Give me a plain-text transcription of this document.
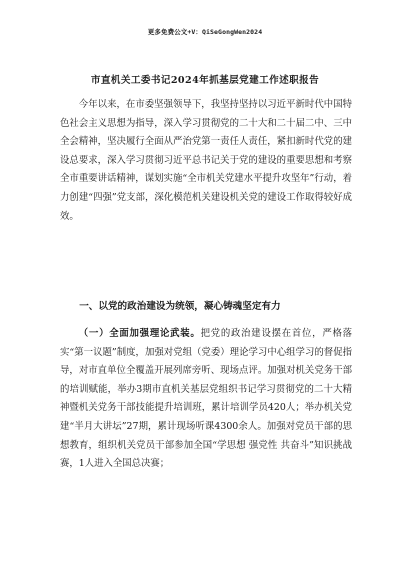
更多免费公文+V：QiSeGongWen2024
市直机关工委书记2024年抓基层党建工作述职报告

今年以来，在市委坚强领导下，我坚持坚持以习近平新时代中国特色社会主义思想为指导，深入学习贯彻党的二十大和二十届二中、三中全会精神，坚决履行全面从严治党第一责任人责任，紧扣新时代党的建设总要求，深入学习贯彻习近平总书记关于党的建设的重要思想和考察全市重要讲话精神，谋划实施“全市机关党建水平提升攻坚年”行动，着力创建“四强”党支部，深化模范机关建设机关党的建设工作取得较好成效。

一、以党的政治建设为统领，凝心铸魂坚定有力

（一）全面加强理论武装。把党的政治建设摆在首位，严格落实“第一议题”制度，加强对党组（党委）理论学习中心组学习的督促指导，对市直单位全覆盖开展列席旁听、现场点评。加强对机关党务干部的培训赋能，举办3期市直机关基层党组织书记学习贯彻党的二十大精神暨机关党务干部技能提升培训班，累计培训学员420人；举办机关党建“半月大讲坛”27期，累计现场听课4300余人。加强对党员干部的思想教育，组织机关党员干部参加全国“学思想 强党性 共奋斗”知识挑战赛，1人进入全国总决赛；
